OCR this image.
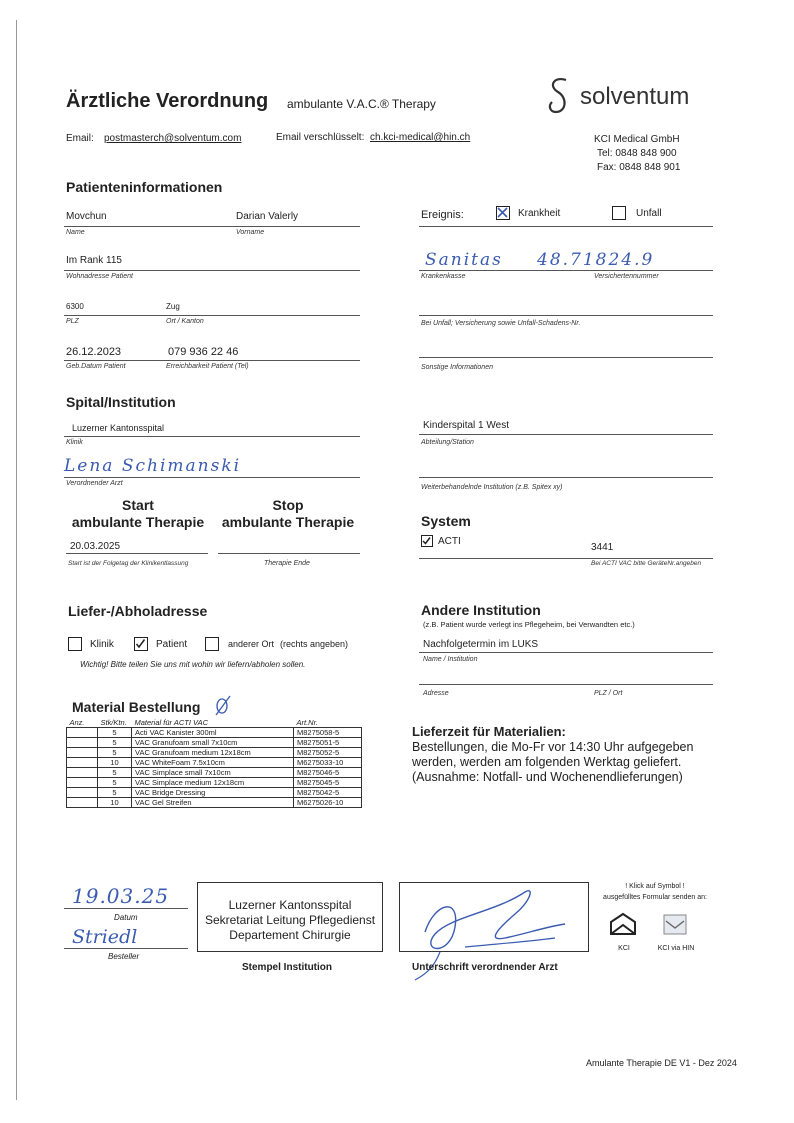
Ärztliche Verordnung ambulante V.A.C.® Therapy	solventum
Email: postmasterch@solventum.com	Email verschlüsselt: ch.kci-medical@hin.ch	KCI Medical GmbH
Tel: 0848 848 900
Fax: 0848 848 901
Patienteninformationen
Movchun	Darian Valerly
Name	Vorname
Im Rank 115
Wohnadresse Patient
6300	Zug
PLZ	Ort / Kanton
26.12.2023	079 936 22 46
Geb.Datum Patient	Erreichbarkeit Patient (Tel)
Ereignis:	Krankheit	Unfall
Sanitas 48.71824.9
Krankenkasse	Versichertennummer
Bei Unfall; Versicherung sowie Unfall-Schadens-Nr.
Sonstige Informationen
Spital/Institution
Luzerner Kantonsspital
Klinik
Kinderspital 1 West
Abteilung/Station
Lena Schimanski
Verordnender Arzt
Weiterbehandelnde Institution (z.B. Spitex xy)
Start
ambulante Therapie
Stop
ambulante Therapie
20.03.2025
Start ist der Folgetag der Klinikentlassung	Therapie Ende
System
ACTI
3441
Bei ACTI VAC bitte GeräteNr.angeben
Liefer-/Abholadresse
Klinik	Patient	anderer Ort (rechts angeben)
Wichtig! Bitte teilen Sie uns mit wohin wir liefern/abholen sollen.
Andere Institution
(z.B. Patient wurde verlegt ins Pflegeheim, bei Verwandten etc.)
Nachfolgetermin im LUKS
Name / Institution
Adresse	PLZ / Ort
Material Bestellung
Anz.	Stk/Ktn.	Material für ACTI VAC	Art.Nr.
	5	Acti VAC Kanister 300ml	M8275058-5
	5	VAC Granufoam small 7x10cm	M8275051-5
	5	VAC Granufoam medium 12x18cm	M8275052-5
	10	VAC WhiteFoam 7.5x10cm	M6275033-10
	5	VAC Simplace small 7x10cm	M8275046-5
	5	VAC Simplace medium 12x18cm	M8275045-5
	5	VAC Bridge Dressing	M8275042-5
	10	VAC Gel Streifen	M6275026-10
Lieferzeit für Materialien:
Bestellungen, die Mo-Fr vor 14:30 Uhr aufgegeben
werden, werden am folgenden Werktag geliefert.
(Ausnahme: Notfall- und Wochenendlieferungen)
19.03.25
Datum
Striedl
Besteller
Luzerner Kantonsspital
Sekretariat Leitung Pflegedienst
Departement Chirurgie
Stempel Institution	Unterschrift verordnender Arzt
! Klick auf Symbol !
ausgefülltes Formular senden an:
KCI	KCI via HIN
Amulante Therapie DE V1 - Dez 2024
